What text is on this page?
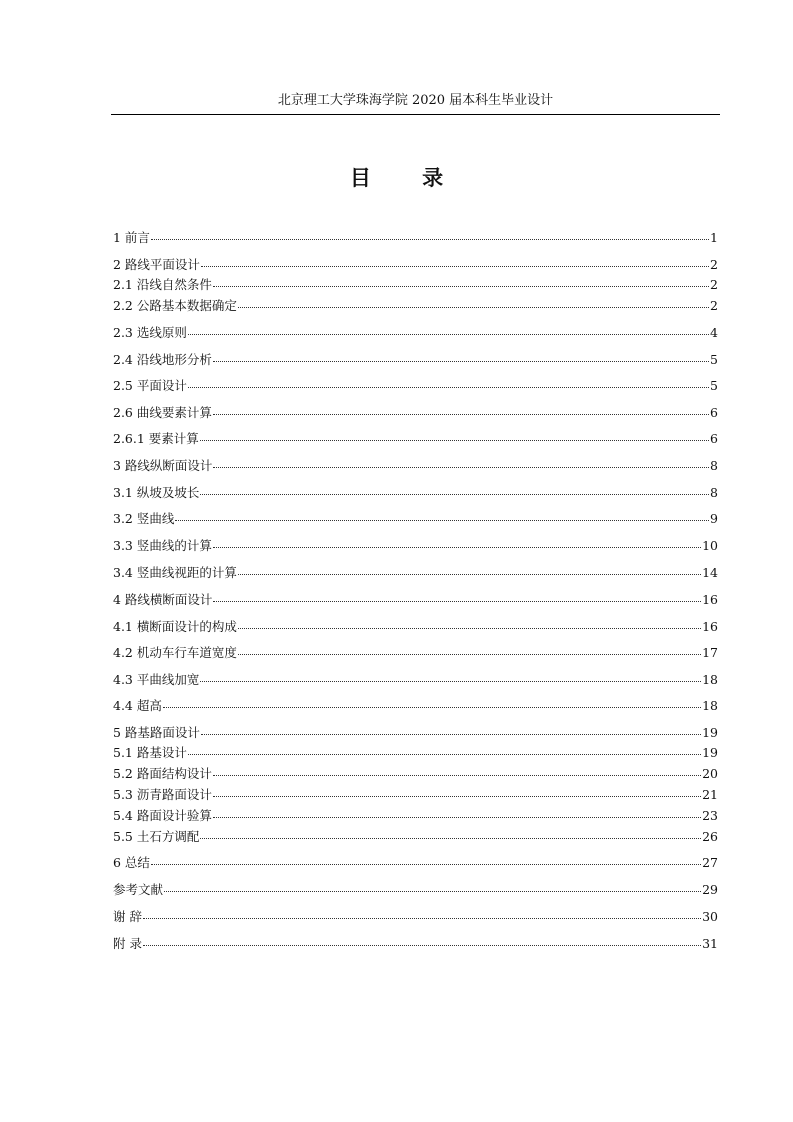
北京理工大学珠海学院 2020 届本科生毕业设计
目 录
1 前言	1
2 路线平面设计	2
2.1 沿线自然条件	2
2.2 公路基本数据确定	2
2.3 选线原则	4
2.4 沿线地形分析	5
2.5 平面设计	5
2.6 曲线要素计算	6
2.6.1 要素计算	6
3 路线纵断面设计	8
3.1 纵坡及坡长	8
3.2 竖曲线	9
3.3 竖曲线的计算	10
3.4 竖曲线视距的计算	14
4 路线横断面设计	16
4.1 横断面设计的构成	16
4.2 机动车行车道宽度	17
4.3 平曲线加宽	18
4.4 超高	18
5 路基路面设计	19
5.1 路基设计	19
5.2 路面结构设计	20
5.3 沥青路面设计	21
5.4 路面设计验算	23
5.5 土石方调配	26
6 总结	27
参考文献	29
谢 辞	30
附 录	31
